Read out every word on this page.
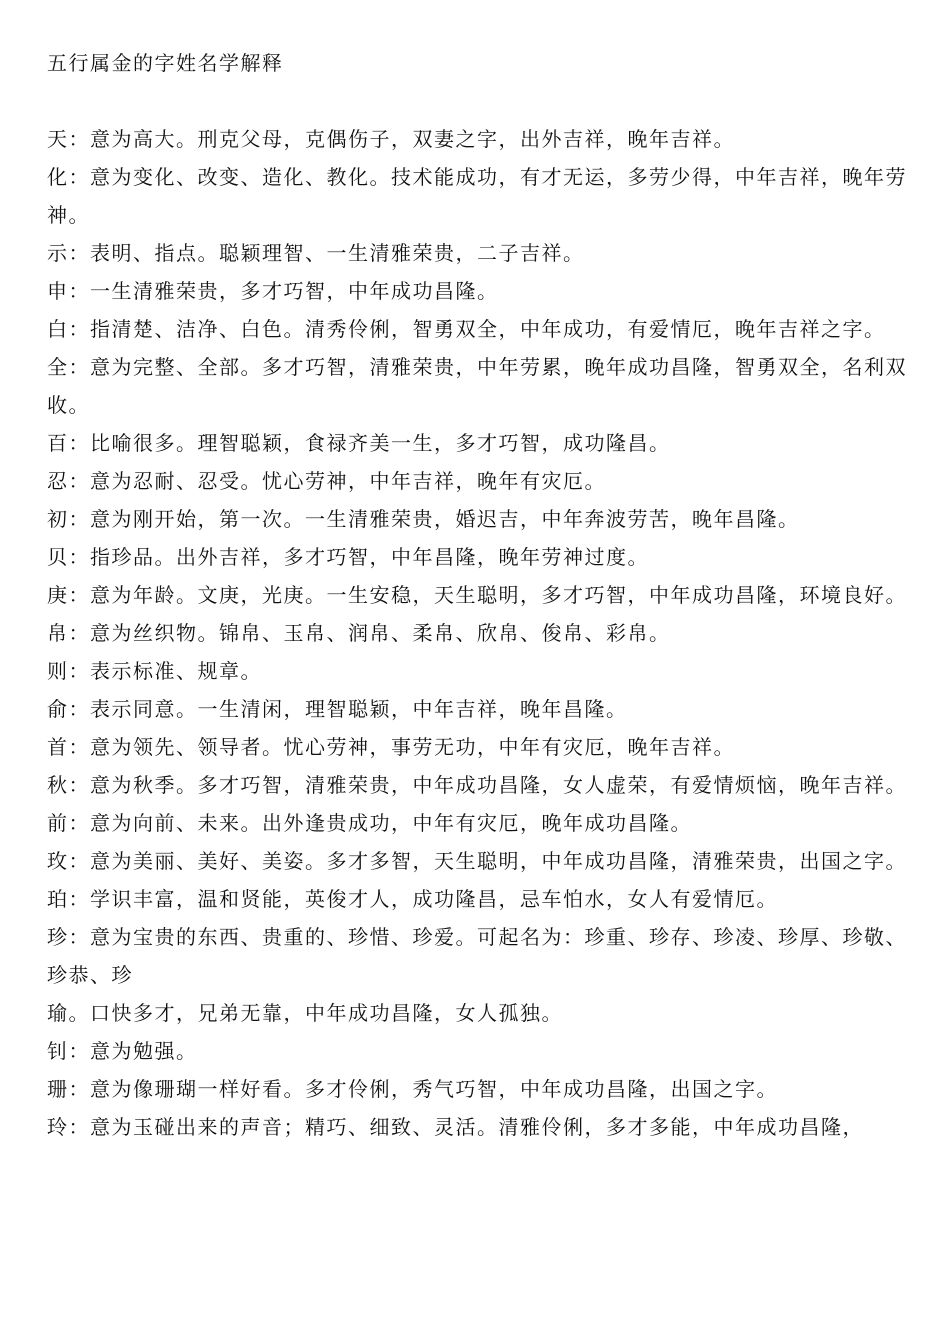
五行属金的字姓名学解释
天：意为高大。刑克父母，克偶伤子，双妻之字，出外吉祥，晚年吉祥。
化：意为变化、改变、造化、教化。技术能成功，有才无运，多劳少得，中年吉祥，晚年劳神。
示：表明、指点。聪颖理智、一生清雅荣贵，二子吉祥。
申：一生清雅荣贵，多才巧智，中年成功昌隆。
白：指清楚、洁净、白色。清秀伶俐，智勇双全，中年成功，有爱情厄，晚年吉祥之字。
全：意为完整、全部。多才巧智，清雅荣贵，中年劳累，晚年成功昌隆，智勇双全，名利双收。
百：比喻很多。理智聪颖，食禄齐美一生，多才巧智，成功隆昌。
忍：意为忍耐、忍受。忧心劳神，中年吉祥，晚年有灾厄。
初：意为刚开始，第一次。一生清雅荣贵，婚迟吉，中年奔波劳苦，晚年昌隆。
贝：指珍品。出外吉祥，多才巧智，中年昌隆，晚年劳神过度。
庚：意为年龄。文庚，光庚。一生安稳，天生聪明，多才巧智，中年成功昌隆，环境良好。
帛：意为丝织物。锦帛、玉帛、润帛、柔帛、欣帛、俊帛、彩帛。
则：表示标准、规章。
俞：表示同意。一生清闲，理智聪颖，中年吉祥，晚年昌隆。
首：意为领先、领导者。忧心劳神，事劳无功，中年有灾厄，晚年吉祥。
秋：意为秋季。多才巧智，清雅荣贵，中年成功昌隆，女人虚荣，有爱情烦恼，晚年吉祥。
前：意为向前、未来。出外逢贵成功，中年有灾厄，晚年成功昌隆。
玫：意为美丽、美好、美姿。多才多智，天生聪明，中年成功昌隆，清雅荣贵，出国之字。
珀：学识丰富，温和贤能，英俊才人，成功隆昌，忌车怕水，女人有爱情厄。
珍：意为宝贵的东西、贵重的、珍惜、珍爱。可起名为：珍重、珍存、珍凌、珍厚、珍敬、珍恭、珍
瑜。口快多才，兄弟无靠，中年成功昌隆，女人孤独。
钊：意为勉强。
珊：意为像珊瑚一样好看。多才伶俐，秀气巧智，中年成功昌隆，出国之字。
玲：意为玉碰出来的声音；精巧、细致、灵活。清雅伶俐，多才多能，中年成功昌隆，
